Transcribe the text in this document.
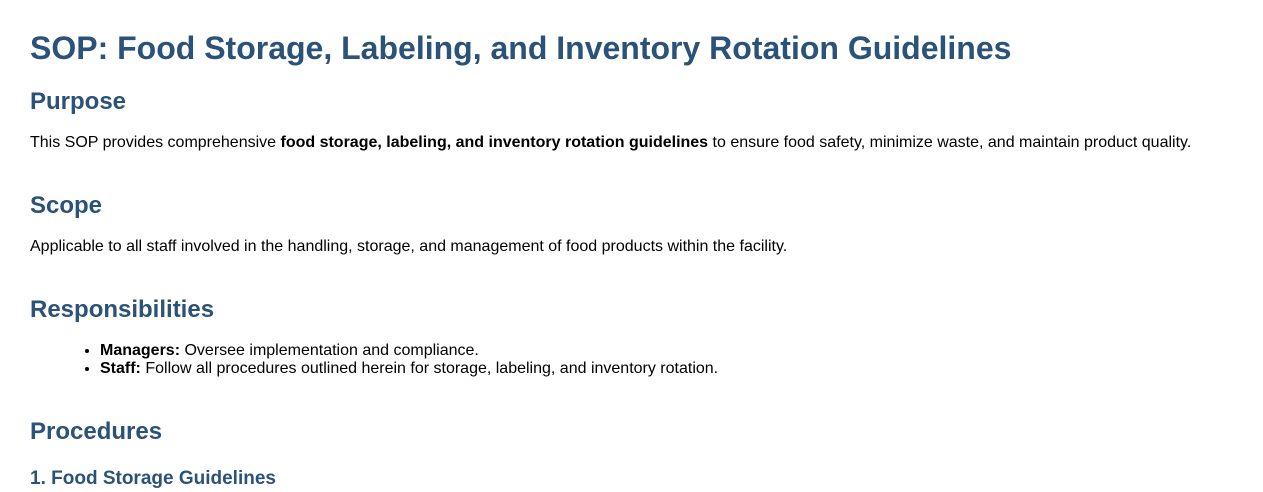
SOP: Food Storage, Labeling, and Inventory Rotation Guidelines
Purpose

This SOP provides comprehensive food storage, labeling, and inventory rotation guidelines to ensure food safety, minimize waste, and maintain product quality.

Scope

Applicable to all staff involved in the handling, storage, and management of food products within the facility.

Responsibilities
• Managers: Oversee implementation and compliance.
• Staff: Follow all procedures outlined herein for storage, labeling, and inventory rotation.
Procedures
1. Food Storage Guidelines
